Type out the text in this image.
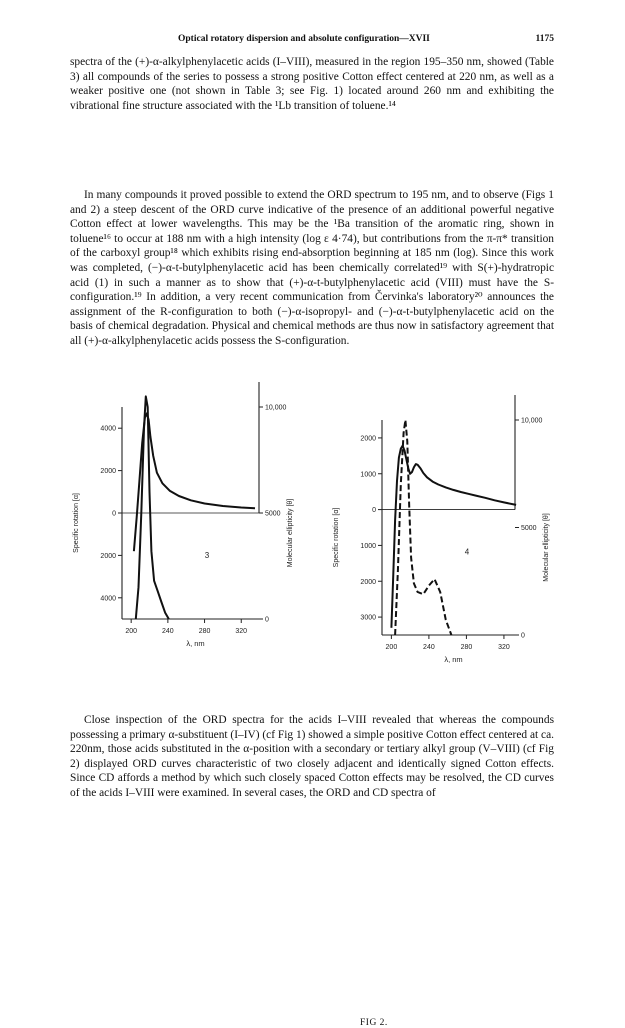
Optical rotatory dispersion and absolute configuration—XVII	1175

spectra of the (+)-α-alkylphenylacetic acids (I–VIII), measured in the region 195–350 nm, showed (Table 3) all compounds of the series to possess a strong positive Cotton effect centered at 220 nm, as well as a weaker positive one (not shown in Table 3; see Fig. 1) located around 260 nm and exhibiting the vibrational fine structure associated with the ¹Lb transition of toluene.¹⁴

In many compounds it proved possible to extend the ORD spectrum to 195 nm, and to observe (Figs 1 and 2) a steep descent of the ORD curve indicative of the presence of an additional powerful negative Cotton effect at lower wavelengths. This may be the ¹Ba transition of the aromatic ring, shown in toluene¹⁶ to occur at 188 nm with a high intensity (log ε 4·74), but contributions from the π-π* transition of the carboxyl group¹⁸ which exhibits rising end-absorption beginning at 185 nm (log). Since this work was completed, (−)-α-t-butylphenylacetic acid has been chemically correlated¹⁹ with S(+)-hydratropic acid (1) in such a manner as to show that (+)-α-t-butylphenylacetic acid (VIII) must have the S-configuration.¹⁹ In addition, a very recent communication from Červinka's laboratory²⁰ announces the assignment of the R-configuration to both (−)-α-isopropyl- and (−)-α-t-butylphenylacetic acid on the basis of chemical degradation. Physical and chemical methods are thus now in satisfactory agreement that all (+)-α-alkylphenylacetic acids possess the S-configuration.

200	240	280	320
λ, nm
4000
2000
0
2000
4000
10,000
5000
0
Specific rotation [α]	Molecular ellipticity [θ]
3
200	240	280	320
λ, nm
2000
1000
0
1000
2000
3000
10,000
5000
0
Specific rotation [α]	Molecular ellipticity [θ]
4
FIG 2.

Close inspection of the ORD spectra for the acids I–VIII revealed that whereas the compounds possessing a primary α-substituent (I–IV) (cf Fig 1) showed a simple positive Cotton effect centered at ca. 220nm, those acids substituted in the α-position with a secondary or tertiary alkyl group (V–VIII) (cf Fig 2) displayed ORD curves characteristic of two closely adjacent and identically signed Cotton effects. Since CD affords a method by which such closely spaced Cotton effects may be resolved, the CD curves of the acids I–VIII were examined. In several cases, the ORD and CD spectra of
